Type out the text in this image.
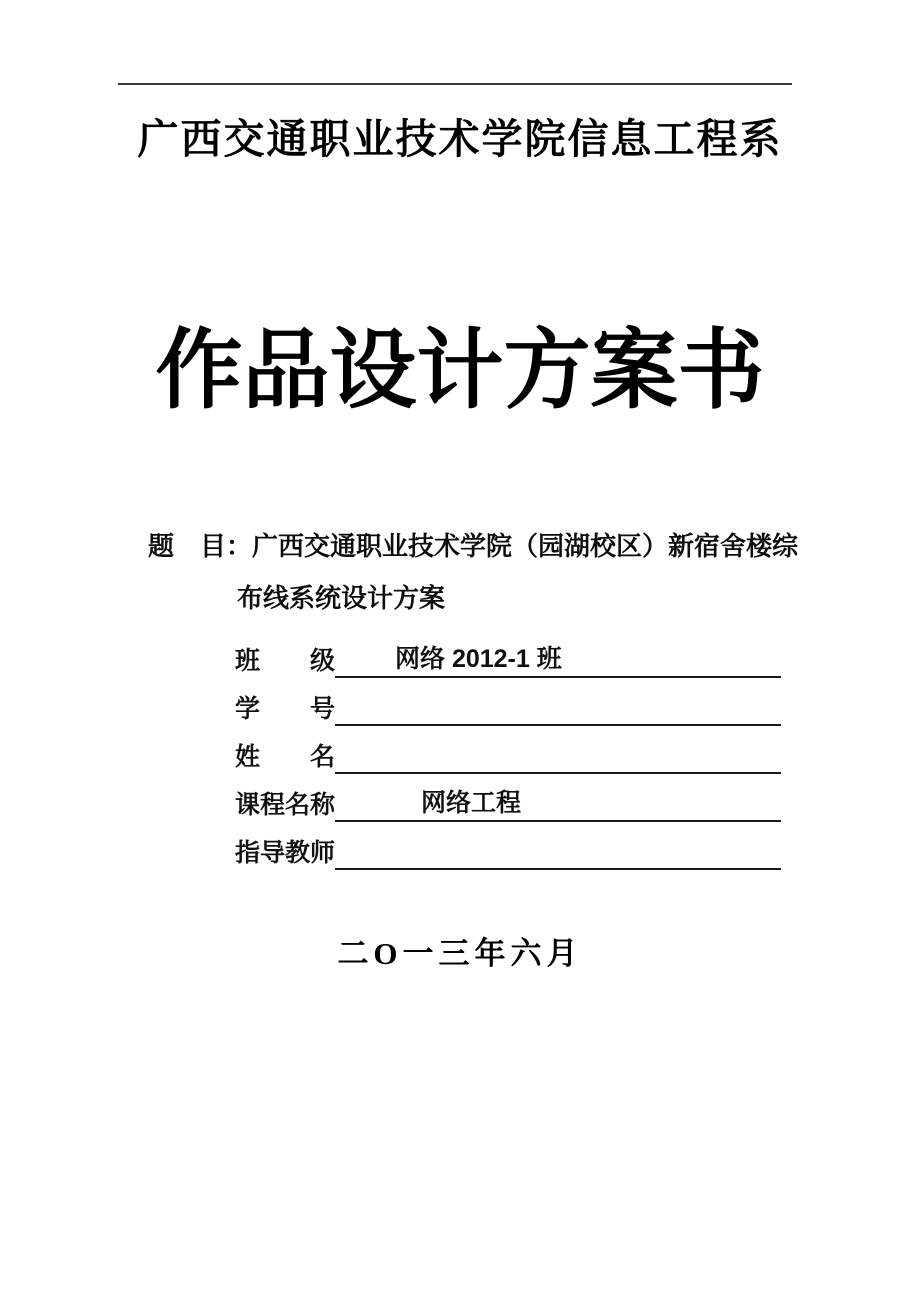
广西交通职业技术学院信息工程系
作品设计方案书
题　目：广西交通职业技术学院（园湖校区）新宿舍楼综
布线系统设计方案
班级	网络 2012-1 班
学号
姓名
课程名称	网络工程
指导教师
二O一三年六月
